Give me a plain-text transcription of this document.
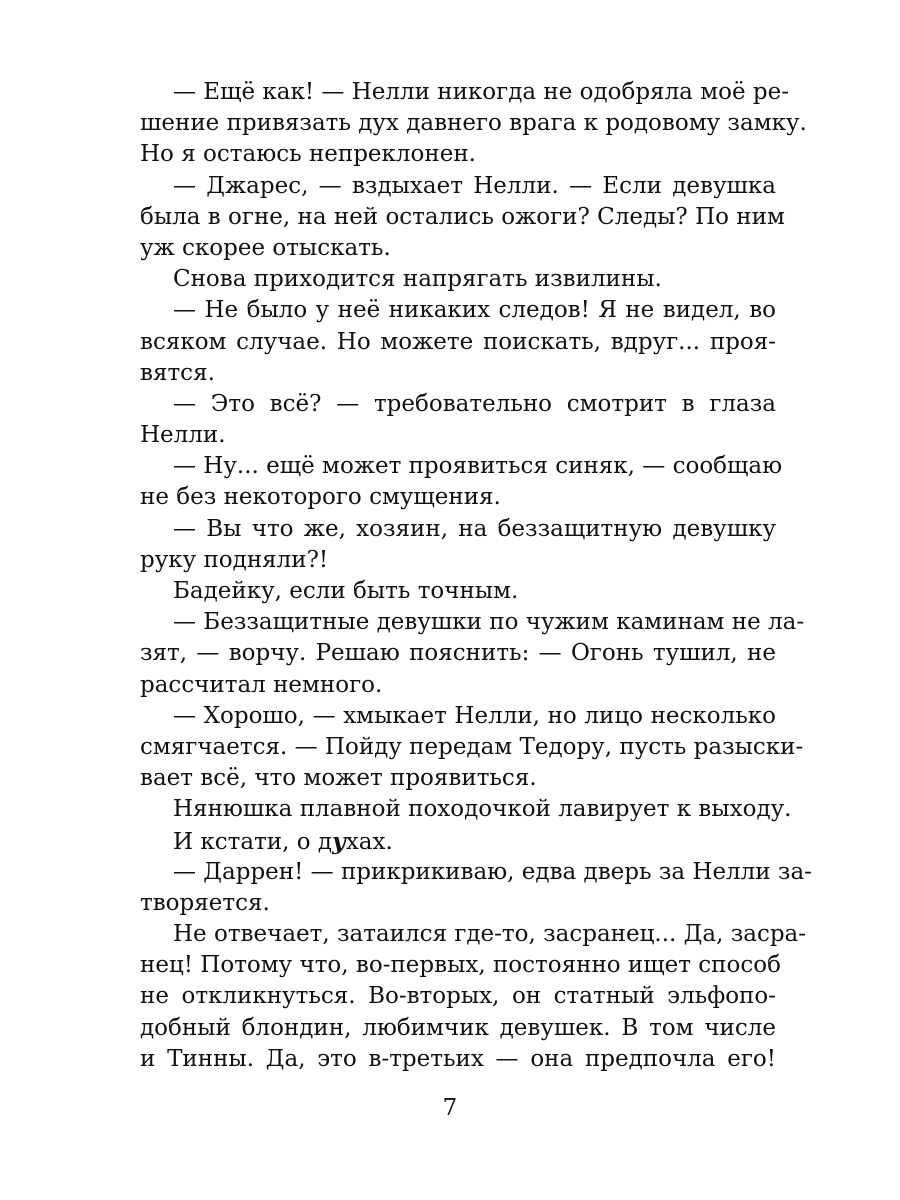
— Ещё как! — Нелли никогда не одобряла моё ре-
шение привязать дух давнего врага к родовому замку.
Но я остаюсь непреклонен.
— Джарес, — вздыхает Нелли. — Если девушка
была в огне, на ней остались ожоги? Следы? По ним
уж скорее отыскать.
Снова приходится напрягать извилины.
— Не было у неё никаких следов! Я не видел, во
всяком случае. Но можете поискать, вдруг... проя-
вятся.
— Это всё? — требовательно смотрит в глаза
Нелли.
— Ну... ещё может проявиться синяк, — сообщаю
не без некоторого смущения.
— Вы что же, хозяин, на беззащитную девушку
руку подняли?!
Бадейку, если быть точным.
— Беззащитные девушки по чужим каминам не ла-
зят, — ворчу. Решаю пояснить: — Огонь тушил, не
рассчитал немного.
— Хорошо, — хмыкает Нелли, но лицо несколько
смягчается. — Пойду передам Тедору, пусть разыски-
вает всё, что может проявиться.
Нянюшка плавной походочкой лавирует к выходу.
И кстати, о духах.
— Даррен! — прикрикиваю, едва дверь за Нелли за-
творяется.
Не отвечает, затаился где-то, засранец... Да, засра-
нец! Потому что, во-первых, постоянно ищет способ
не откликнуться. Во-вторых, он статный эльфопо-
добный блондин, любимчик девушек. В том числе
и Тинны. Да, это в-третьих — она предпочла его!
7
